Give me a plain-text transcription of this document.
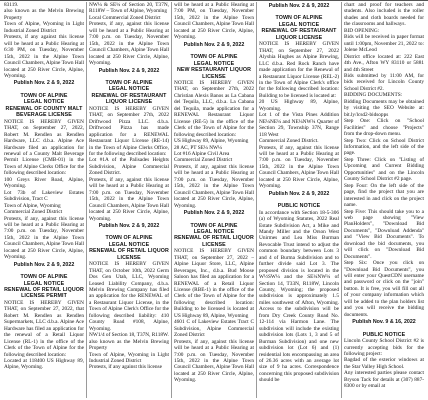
83119.
also known as the Melvin Brewing Property
Town of Alpine, Wyoming in Light Industrial Zoned District
Protests, if any against this license will be heard at a Public Hearing at 6:30 PM, on Tuesday, November 15th, 2022 in the Alpine Town Council Chambers, Alpine Town Hall located at 250 River Circle, Alpine, Wyoming.
Publish Nov. 2 & 9, 2022
TOWN OF ALPINE
LEGAL NOTICE
RENEWAL OF COUNTY MALT BEVERAGE LICENSE
NOTICE IS HEREBY GIVEN THAT, on September 27, 2022, Robert M. Rendlen as Rendlen Hardware, LLC d.b.a. Alpine Ace Hardware filed an application for renewal of a County Malt Beverage Permit License (CMB-01) in the Town of Alpine Clerks Office for the following described location:
100 Greys River Road, Alpine, Wyoming.
Lot 73b of Lakeview Estates Subdivision, Tract C
Town of Alpine, Wyoming
Commercial Zoned District
Protests, if any, against this license will be heard at a Public Hearing at 7:00 p.m. on Tuesday, November 15th, 2022 in the Alpine Town Council Chambers, Alpine Town Hall located at 250 River Circle, Alpine, Wyoming.
Publish Nov. 2 & 9, 2022
TOWN OF ALPINE
LEGAL NOTICE
RENEWAL OF RETAIL LIQUOR LICENSE PERMIT
NOTICE IS HEREBY GIVEN THAT, on September 27, 2022, that Robert M. Rendlen as Rendlen Supermarkets, LLC d.b.a. Alpine Ace Hardware has filed an application for the renewal of a Retail Liquor License (RL-1) in the office of the Clerk of the Town of Alpine for the following described location:
Located at 118400 US Highway 89, Alpine, Wyoming.
NW¼ & SE¼ of Section 20, T37N, R118W – Town of Alpine, Wyoming
Local Commercial Zoned District
Protests, if any, against this license will be heard at a Public Hearing at 7:00 p.m. on Tuesday, November 15th, 2022 in the Alpine Town Council Chambers, Alpine Town Hall located at 250 River Circle, Alpine, Wyoming.
Publish Nov. 2 & 9, 2022
TOWN OF ALPINE
LEGAL NOTICE
RENEWAL OF RESTAURANT LIQUOR LICENSE
NOTICE IS HEREBY GIVEN THAT, on September 27th, 2022 Driftwood Pizza LLC. d.b.a. Driftwood Pizza has made application for a RENEWAL Restaurant Liquor License (RE-14) in the Town of Alpine Clerks Office, for the following described location:
Lot #1A of the Palisades Heights Subdivision, Alpine Commercial Zoned District.
Protests, if any, against this license will be heard at a Public Hearing at 7:00 p.m. on Tuesday, November 15th, 2022 in the Alpine Town Council Chambers, Alpine Town Hall located at 250 River Circle, Alpine, Wyoming.
Publish Nov. 2 & 9, 2022
TOWN OF ALPINE
LEGAL NOTICE
RENEWAL OF RETAIL LIQUOR LICENSE
NOTICE IS HEREBY GIVEN THAT, on October 10th, 2022 Germ Dos Gen Utah, LLC, Wyoming Leased Liability Company, d.b.a. Melvin Brewing Company has filed an application for the RENEWAL of a Restaurant Liquor License, in the Town of Alpine Clerk's Office for the following described liability: 410 County Road #108, Alpine, Wyoming.
NW1/4 of Section 18, T37N, R118W.
also known as the Melvin Brewing Property
Town of Alpine, Wyoming in Light Industrial Zoned District
Protests, if any against this license
will be heard at a Public Hearing at 7:00 PM, on Tuesday, November 15th, 2022 in the Alpine Town Council Chambers, Alpine Town Hall located at 250 River Circle, Alpine, Wyoming.
Publish Nov. 2 & 9, 2022
TOWN OF ALPINE
LEGAL NOTICE
NEW RESTAURANT LIQUOR LICENSE
NOTICE IS HEREBY GIVEN THAT, on September 27th, 2022 Christian Alexis Banos as La Cabana del Tequila, LLC, d.b.a. La Cabana del Tequila, made application for a RENEWAL Restaurant Liquor License (RE-5) in the office of the Clerk of the Town of Alpine for the following described location:
US Highway 89, Alpine, Wyoming
28 AC, PT SE¼ NW¼
Lot #16 Alpine Civil Area
Commercial Zoned District
Protests, if any, against this license will be heard at a Public Hearing at 7:00 p.m. on Tuesday, November 15th, 2022 in the Alpine Town Council Chambers, Alpine Town Hall located at 250 River Circle, Alpine, Wyoming.
Publish Nov. 2 & 9, 2022
TOWN OF ALPINE
LEGAL NOTICE
RENEWAL OF RETAIL LIQUOR LICENSE
NOTICE IS HEREBY GIVEN THAT, on September 27, 2022 – Alpine Liquor Store, LLC, Alpine Beverages, Inc., d.b.a. Bud Moose Saloon has filed an application for a RENEWAL of a Retail Liquor License (RBE-1) in the office of the Clerk of the Town of Alpine for the following described location: Building to be licensed is located at US Highway 89, Alpine, Wyoming
4601 C of Lakeview Estates Tract C Subdivision, Alpine Commercial Zoned District
Protests, if any, against this license will be heard at a Public Hearing at 7:00 p.m. on Tuesday, November 15th, 2022 in the Alpine Town Council Chambers, Alpine Town Hall located at 250 River Circle, Alpine, Wyoming.
Publish Nov. 2 & 9, 2022
TOWN OF ALPINE
LEGAL NOTICE
RENEWAL OF RESTAURANT LIQUOR LICENSE
NOTICE IS HEREBY GIVEN THAT, on September 27, 2022 Alyshia Hughes as Alpine Brewing, LLC d.b.a. Red Rock Ranch have made application for the Renewal of a Restaurant Liquor License (REL-2) in the Town of Alpine Clerk's office for the following described location: Building to be licensed is located at:
20 US Highway 89, Alpine, Wyoming.
Lot 1 of the Vista Pines Addition NE¼NE¼ and NE¼NW¼ Quarter of Section 29, Township 37N, Range 118 West
Commercial Zoned District.
Protests, if any, against this license will be heard at a Public Hearing at 7:00 p.m. on Tuesday, November 15th, 2022 in the Alpine Town Council Chambers, Alpine Town Hall located at 250 River Circle, Alpine, Wyoming.
Publish Nov. 2 & 9, 2022
PUBLIC NOTICE
In accordance with Section 18-5-306 (a) of Wyoming Statutes, 2022 Real Estate Subdivision Act, a Mike and Mandy Miller and the Orson West Unirmes and Lea Miss Burman Revocable Trust intend to adjust the common boundary between Lots 3 and 4 of Burma Subdivision and to further divide said Lot 3. The proposed division is located in the W½SW¼ and the SE¼NW¼ of Section 14, T33N, R118W, Lincoln County, Wyoming; the proposed subdivision is approximately 1.5 miles southwest of Afton, Wyoming. Access to the subdivision will be from Dry Creek County Road No. 12-114 via Harmon Lane. The subdivision will include the existing subdivision lots (Lots 1, 3 and 5 of Burman Subdivision) and one new subdivision lot (Lot 6) and (1) residential lots encompassing an area of 26.36 acres with an average lot size of 9 ha acres. Correspondence concerning this proposed subdivision should be
chart and proof for teachers and students. Also included is the roller shades and cloth boards needed for the classrooms and hallways.
BID OPENING:
Bids will be received in paper format until 1:00pm, November 21, 2022 to: Jolene McLeod
District office located at: 222 East 4th Ave., Afton WY 83110 or 5881 and 4th Street
Bids submitted by 11:00 AM, for bids received for Lincoln County School District #2.
BIDDING DOCUMENTS:
Bidding Documents may be obtained by visiting the SEO Website at: bit.ly/lcsd2-bidsopps
Step One: Click on "School Facilities" and choose "Projects" from the drop-down menu.
Step Two: Click on School District Information, and the left side of the page.
Step Three: Click on "Listing of Upcoming and Current Bidding Opportunities" and on the Lincoln County School District #2 page.
Step Four: On the left side of the page, find the project that you are interested in and click on the project name.
Step Five: This should take you to a web page showing "View PlanHolders", "Download Bid Documents", "Download Addenda" and "View Bid Documents". To download the bid documents, you will click on "Download Bid Documents".
Step Six: Once you click on "Download Bid Documents", you will enter your QuestCDN username and password or click on the "join" button. It is free, you will fill out all of your company information which will be added to the plan holders list and you will receive the bidding documents.
Publish Nov. 9 & 16, 2022
PUBLIC NOTICE
Lincoln County School District #2 is currently accepting bids for the following project:
Bagdad of the exterior windows at the Star Valley High School.
Any interested parties please contact Bryson Tack for details at (307) 887-8300 or by email at
